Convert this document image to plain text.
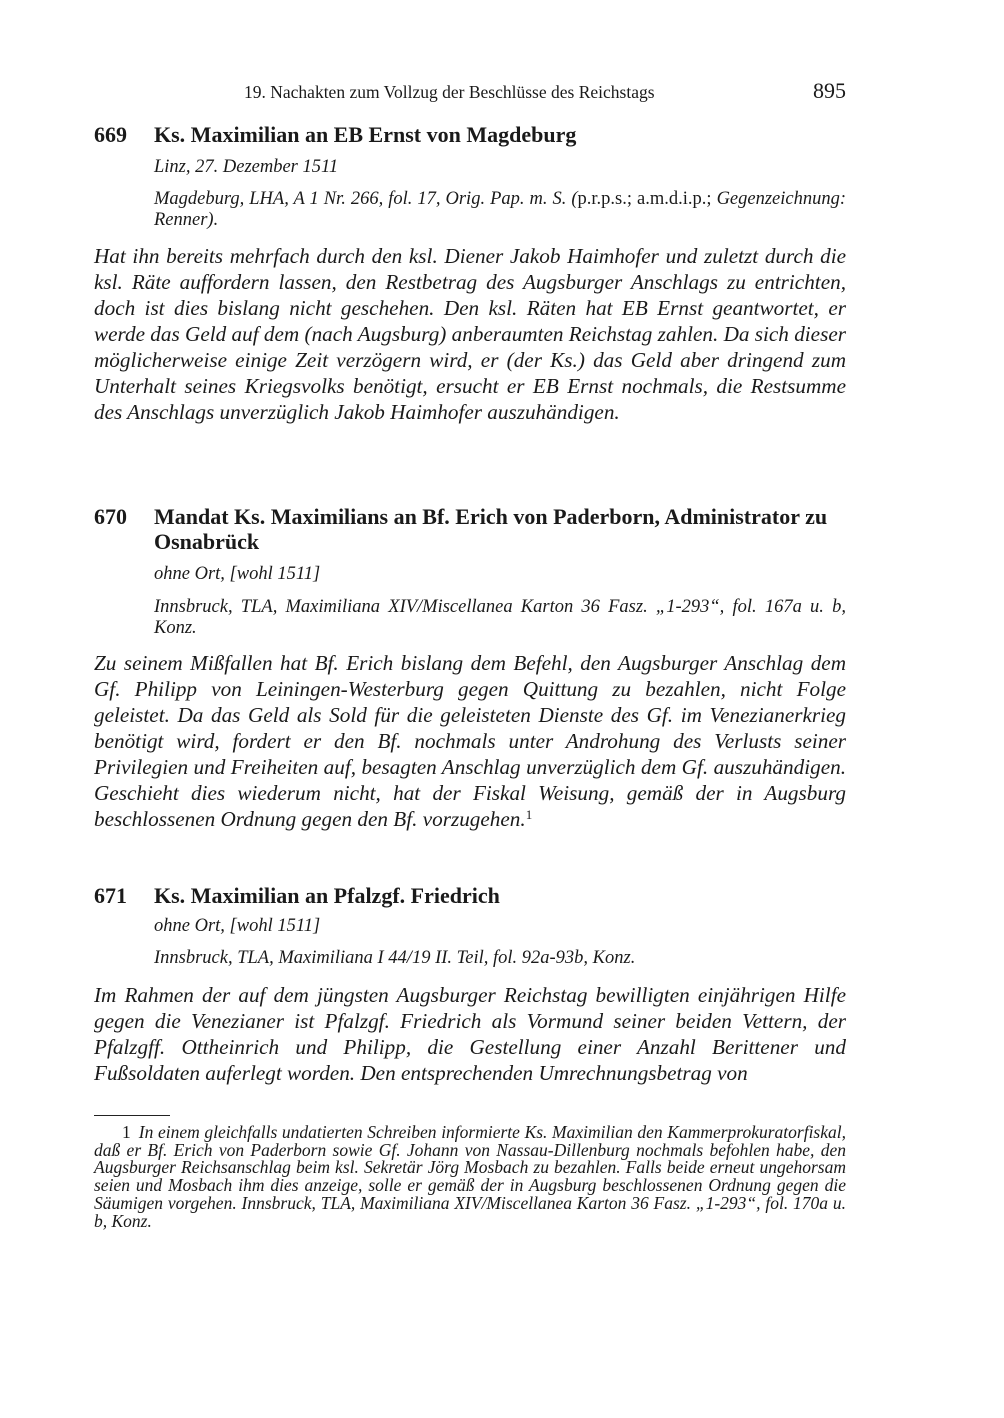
19. Nachakten zum Vollzug der Beschlüsse des Reichstags	895
669 Ks. Maximilian an EB Ernst von Magdeburg
Linz, 27. Dezember 1511
Magdeburg, LHA, A 1 Nr. 266, fol. 17, Orig. Pap. m. S. (p.r.p.s.; a.m.d.i.p.; Gegenzeichnung: Renner).
Hat ihn bereits mehrfach durch den ksl. Diener Jakob Haimhofer und zuletzt durch die ksl. Räte auffordern lassen, den Restbetrag des Augsburger Anschlags zu entrichten, doch ist dies bislang nicht geschehen. Den ksl. Räten hat EB Ernst geantwortet, er werde das Geld auf dem (nach Augsburg) anberaumten Reichstag zahlen. Da sich dieser möglicherweise einige Zeit verzögern wird, er (der Ks.) das Geld aber dringend zum Unterhalt seines Kriegsvolks benötigt, ersucht er EB Ernst nochmals, die Restsumme des Anschlags unverzüglich Jakob Haimhofer auszuhändigen.
670 Mandat Ks. Maximilians an Bf. Erich von Paderborn, Administrator zu Osnabrück
ohne Ort, [wohl 1511]
Innsbruck, TLA, Maximiliana XIV/Miscellanea Karton 36 Fasz. „1-293“, fol. 167a u. b, Konz.
Zu seinem Mißfallen hat Bf. Erich bislang dem Befehl, den Augsburger Anschlag dem Gf. Philipp von Leiningen-Westerburg gegen Quittung zu bezahlen, nicht Folge geleistet. Da das Geld als Sold für die geleisteten Dienste des Gf. im Venezianerkrieg benötigt wird, fordert er den Bf. nochmals unter Androhung des Verlusts seiner Privilegien und Freiheiten auf, besagten Anschlag unverzüglich dem Gf. auszuhändigen. Geschieht dies wiederum nicht, hat der Fiskal Weisung, gemäß der in Augsburg beschlossenen Ordnung gegen den Bf. vorzugehen.$^1$
671 Ks. Maximilian an Pfalzgf. Friedrich
ohne Ort, [wohl 1511]
Innsbruck, TLA, Maximiliana I 44/19 II. Teil, fol. 92a-93b, Konz.
Im Rahmen der auf dem jüngsten Augsburger Reichstag bewilligten einjährigen Hilfe gegen die Venezianer ist Pfalzgf. Friedrich als Vormund seiner beiden Vettern, der Pfalzgff. Ottheinrich und Philipp, die Gestellung einer Anzahl Berittener und Fußsoldaten auferlegt worden. Den entsprechenden Umrechnungsbetrag von
1 In einem gleichfalls undatierten Schreiben informierte Ks. Maximilian den Kammerprokuratorfiskal, daß er Bf. Erich von Paderborn sowie Gf. Johann von Nassau-Dillenburg nochmals befohlen habe, den Augsburger Reichsanschlag beim ksl. Sekretär Jörg Mosbach zu bezahlen. Falls beide erneut ungehorsam seien und Mosbach ihm dies anzeige, solle er gemäß der in Augsburg beschlossenen Ordnung gegen die Säumigen vorgehen. Innsbruck, TLA, Maximiliana XIV/Miscellanea Karton 36 Fasz. „1-293“, fol. 170a u. b, Konz.
